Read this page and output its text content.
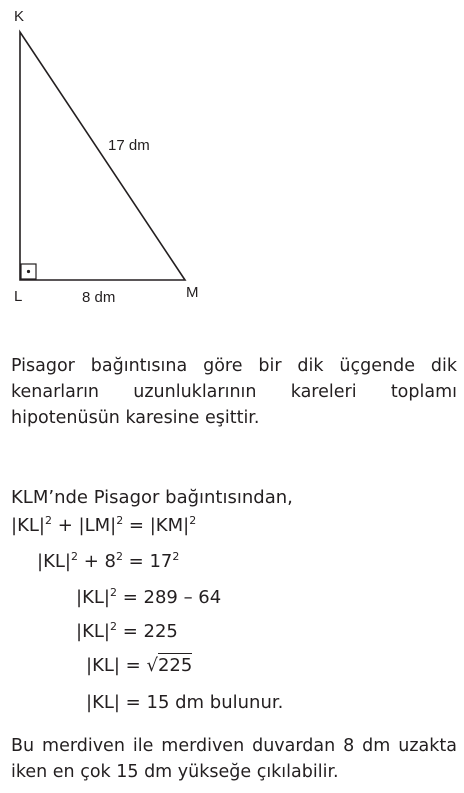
K
L	M
17 dm
8 dm
Pisagor bağıntısına göre bir dik üçgende dik kenarların uzunluklarının kareleri toplamı hipotenüsün karesine eşittir.
KLM’nde Pisagor bağıntısından,
$|KL|^2 + |LM|^2 = |KM|^2$
$|KL|^2 + 8^2 = 17^2$
$|KL|^2 = 289 - 64$
$|KL|^2 = 225$
|KL| = √225
|KL| = 15 dm bulunur.
Bu merdiven ile merdiven duvardan 8 dm uzakta iken en çok 15 dm yükseğe çıkılabilir.
